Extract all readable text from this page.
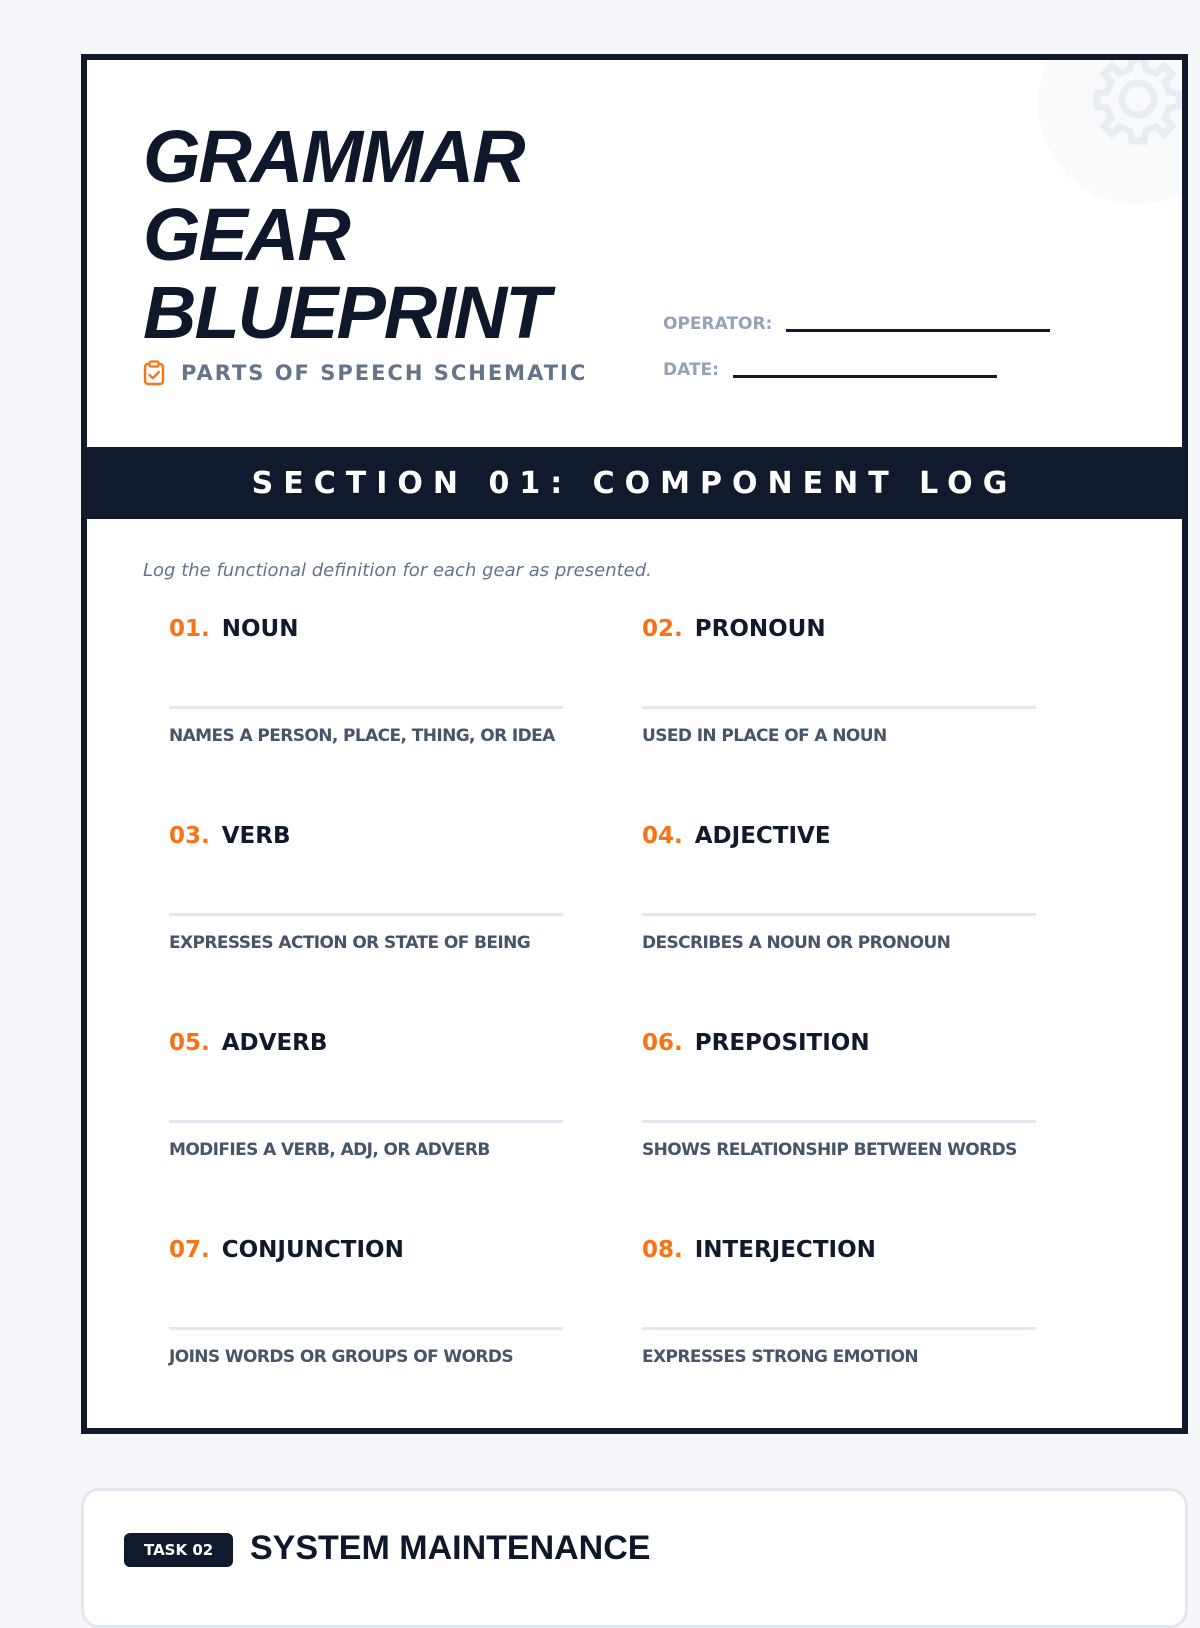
GRAMMAR
GEAR
BLUEPRINT
PARTS OF SPEECH SCHEMATIC
OPERATOR:
DATE:
SECTION 01: COMPONENT LOG
Log the functional definition for each gear as presented.
01. NOUN
NAMES A PERSON, PLACE, THING, OR IDEA
02. PRONOUN
USED IN PLACE OF A NOUN
03. VERB
EXPRESSES ACTION OR STATE OF BEING
04. ADJECTIVE
DESCRIBES A NOUN OR PRONOUN
05. ADVERB
MODIFIES A VERB, ADJ, OR ADVERB
06. PREPOSITION
SHOWS RELATIONSHIP BETWEEN WORDS
07. CONJUNCTION
JOINS WORDS OR GROUPS OF WORDS
08. INTERJECTION
EXPRESSES STRONG EMOTION
TASK 02	SYSTEM MAINTENANCE
